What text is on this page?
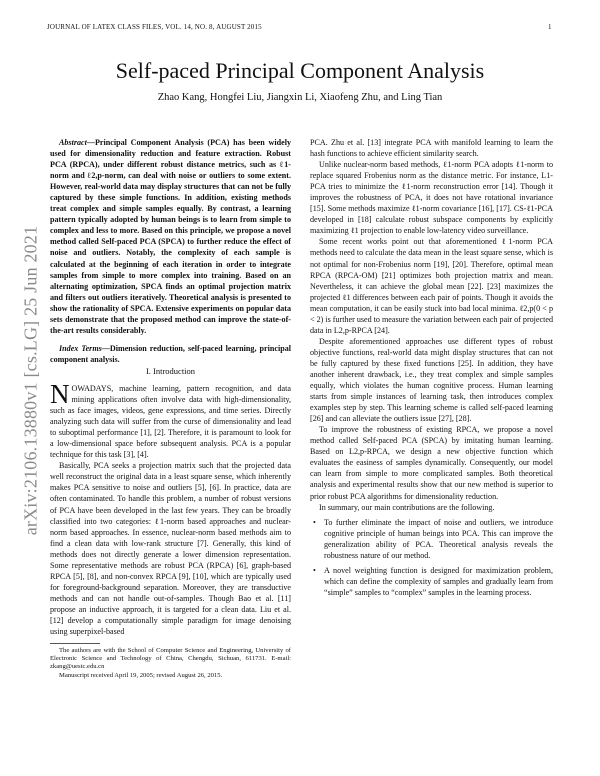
JOURNAL OF LATEX CLASS FILES, VOL. 14, NO. 8, AUGUST 2015	1
Self-paced Principal Component Analysis
Zhao Kang, Hongfei Liu, Jiangxin Li, Xiaofeng Zhu, and Ling Tian
arXiv:2106.13880v1 [cs.LG] 25 Jun 2021

Abstract—Principal Component Analysis (PCA) has been widely used for dimensionality reduction and feature extraction. Robust PCA (RPCA), under different robust distance metrics, such as ℓ1-norm and ℓ2,p-norm, can deal with noise or outliers to some extent. However, real-world data may display structures that can not be fully captured by these simple functions. In addition, existing methods treat complex and simple samples equally. By contrast, a learning pattern typically adopted by human beings is to learn from simple to complex and less to more. Based on this principle, we propose a novel method called Self-paced PCA (SPCA) to further reduce the effect of noise and outliers. Notably, the complexity of each sample is calculated at the beginning of each iteration in order to integrate samples from simple to more complex into training. Based on an alternating optimization, SPCA finds an optimal projection matrix and filters out outliers iteratively. Theoretical analysis is presented to show the rationality of SPCA. Extensive experiments on popular data sets demonstrate that the proposed method can improve the state-of-the-art results considerably.

Index Terms—Dimension reduction, self-paced learning, principal component analysis.

I. Introduction

NOWADAYS, machine learning, pattern recognition, and data mining applications often involve data with high-dimensionality, such as face images, videos, gene expressions, and time series. Directly analyzing such data will suffer from the curse of dimensionality and lead to suboptimal performance [1], [2]. Therefore, it is paramount to look for a low-dimensional space before subsequent analysis. PCA is a popular technique for this task [3], [4].

Basically, PCA seeks a projection matrix such that the projected data well reconstruct the original data in a least square sense, which inherently makes PCA sensitive to noise and outliers [5], [6]. In practice, data are often contaminated. To handle this problem, a number of robust versions of PCA have been developed in the last few years. They can be broadly classified into two categories: ℓ1-norm based approaches and nuclear-norm based approaches. In essence, nuclear-norm based methods aim to find a clean data with low-rank structure [7]. Generally, this kind of methods does not directly generate a lower dimension representation. Some representative methods are robust PCA (RPCA) [6], graph-based RPCA [5], [8], and non-convex RPCA [9], [10], which are typically used for foreground-background separation. Moreover, they are transductive methods and can not handle out-of-samples. Though Bao et al. [11] propose an inductive approach, it is targeted for a clean data. Liu et al. [12] develop a computationally simple paradigm for image denoising using superpixel-based

The authors are with the School of Computer Science and Engineering, University of Electronic Science and Technology of China, Chengdu, Sichuan, 611731. E-mail: zkang@uestc.edu.cn

Manuscript received April 19, 2005; revised August 26, 2015.

PCA. Zhu et al. [13] integrate PCA with manifold learning to learn the hash functions to achieve efficient similarity search.

Unlike nuclear-norm based methods, ℓ1-norm PCA adopts ℓ1-norm to replace squared Frobenius norm as the distance metric. For instance, L1-PCA tries to minimize the ℓ1-norm reconstruction error [14]. Though it improves the robustness of PCA, it does not have rotational invariance [15]. Some methods maximize ℓ1-norm covariance [16], [17]. CS-ℓ1-PCA developed in [18] calculate robust subspace components by explicitly maximizing ℓ1 projection to enable low-latency video surveillance.

Some recent works point out that aforementioned ℓ1-norm PCA methods need to calculate the data mean in the least square sense, which is not optimal for non-Frobenius norm [19], [20]. Therefore, optimal mean RPCA (RPCA-OM) [21] optimizes both projection matrix and mean. Nevertheless, it can achieve the global mean [22]. [23] maximizes the projected ℓ1 differences between each pair of points. Though it avoids the mean computation, it can be easily stuck into bad local minima. ℓ2,p(0 < p < 2) is further used to measure the variation between each pair of projected data in L2,p-RPCA [24].

Despite aforementioned approaches use different types of robust objective functions, real-world data might display structures that can not be fully captured by these fixed functions [25]. In addition, they have another inherent drawback, i.e., they treat complex and simple samples equally, which violates the human cognitive process. Human learning starts from simple instances of learning task, then introduces complex examples step by step. This learning scheme is called self-paced learning [26] and can alleviate the outliers issue [27], [28].

To improve the robustness of existing RPCA, we propose a novel method called Self-paced PCA (SPCA) by imitating human learning. Based on L2,p-RPCA, we design a new objective function which evaluates the easiness of samples dynamically. Consequently, our model can learn from simple to more complicated samples. Both theoretical analysis and experimental results show that our new method is superior to prior robust PCA algorithms for dimensionality reduction.

In summary, our main contributions are the following.

• To further eliminate the impact of noise and outliers, we introduce cognitive principle of human beings into PCA. This can improve the generalization ability of PCA. Theoretical analysis reveals the robustness nature of our method.
• A novel weighting function is designed for maximization problem, which can define the complexity of samples and gradually learn from “simple” samples to “complex” samples in the learning process.
